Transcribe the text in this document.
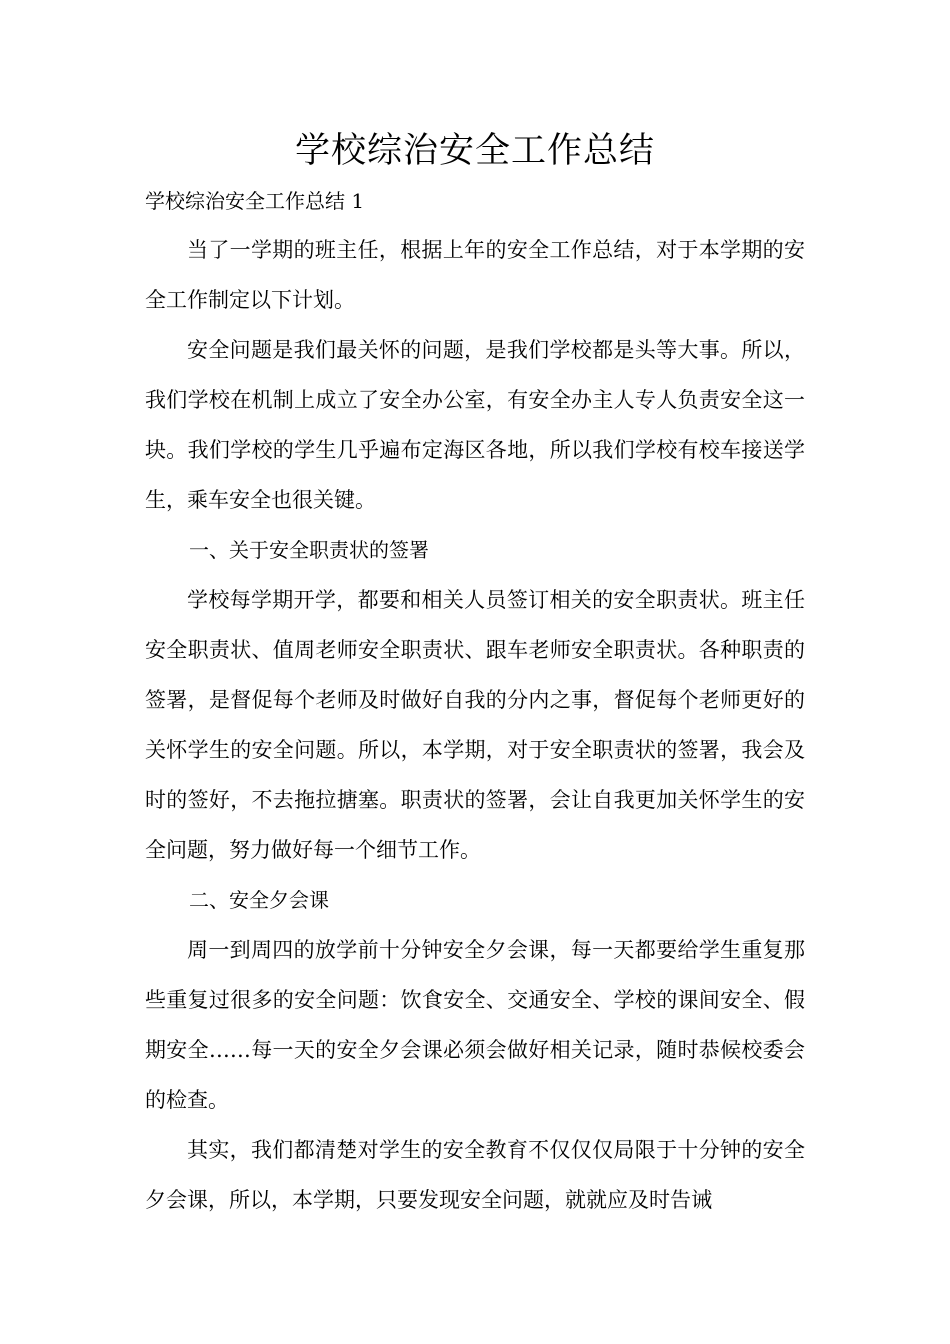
学校综治安全工作总结

学校综治安全工作总结 1

当了一学期的班主任，根据上年的安全工作总结，对于本学期的安全工作制定以下计划。

安全问题是我们最关怀的问题，是我们学校都是头等大事。所以，我们学校在机制上成立了安全办公室，有安全办主人专人负责安全这一块。我们学校的学生几乎遍布定海区各地，所以我们学校有校车接送学生，乘车安全也很关键。

一、关于安全职责状的签署

学校每学期开学，都要和相关人员签订相关的安全职责状。班主任安全职责状、值周老师安全职责状、跟车老师安全职责状。各种职责的签署，是督促每个老师及时做好自我的分内之事，督促每个老师更好的关怀学生的安全问题。所以，本学期，对于安全职责状的签署，我会及时的签好，不去拖拉搪塞。职责状的签署，会让自我更加关怀学生的安全问题，努力做好每一个细节工作。

二、安全夕会课

周一到周四的放学前十分钟安全夕会课，每一天都要给学生重复那些重复过很多的安全问题：饮食安全、交通安全、学校的课间安全、假期安全……每一天的安全夕会课必须会做好相关记录，随时恭候校委会的检查。

其实，我们都清楚对学生的安全教育不仅仅仅局限于十分钟的安全夕会课，所以，本学期，只要发现安全问题，就就应及时告诫
